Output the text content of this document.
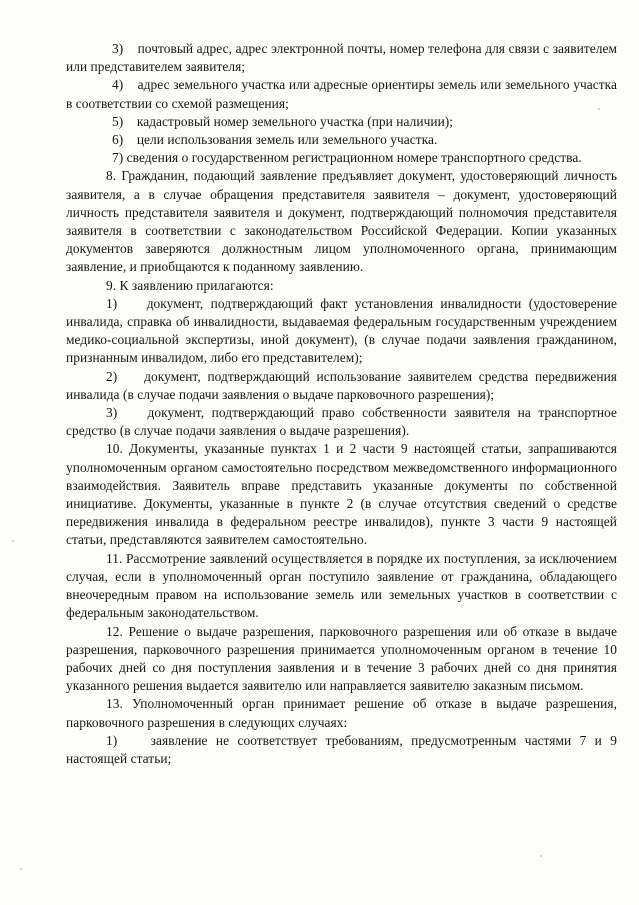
3)    почтовый адрес, адрес электронной почты, номер телефона для связи с заявителем или представителем заявителя;

4)    адрес земельного участка или адресные ориентиры земель или земельного участка в соответствии со схемой размещения;

5)    кадастровый номер земельного участка (при наличии);

6)    цели использования земель или земельного участка.

7) сведения о государственном регистрационном номере транспортного средства.

8. Гражданин, подающий заявление предъявляет документ, удостоверяющий личность заявителя, а в случае обращения представителя заявителя – документ, удостоверяющий личность представителя заявителя и документ, подтверждающий полномочия представителя заявителя в соответствии с законодательством Российской Федерации. Копии указанных документов заверяются должностным лицом уполномоченного органа, принимающим заявление, и приобщаются к поданному заявлению.

9. К заявлению прилагаются:

1)    документ, подтверждающий факт установления инвалидности (удостоверение инвалида, справка об инвалидности, выдаваемая федеральным государственным учреждением медико-социальной экспертизы, иной документ), (в случае подачи заявления гражданином, признанным инвалидом, либо его представителем);

2)    документ, подтверждающий использование заявителем средства передвижения инвалида (в случае подачи заявления о выдаче парковочного разрешения);

3)    документ, подтверждающий право собственности заявителя на транспортное средство (в случае подачи заявления о выдаче разрешения).

10. Документы, указанные пунктах 1 и 2 части 9 настоящей статьи, запрашиваются уполномоченным органом самостоятельно посредством межведомственного информационного взаимодействия. Заявитель вправе представить указанные документы по собственной инициативе. Документы, указанные в пункте 2 (в случае отсутствия сведений о средстве передвижения инвалида в федеральном реестре инвалидов), пункте 3 части 9 настоящей статьи, представляются заявителем самостоятельно.

11. Рассмотрение заявлений осуществляется в порядке их поступления, за исключением случая, если в уполномоченный орган поступило заявление от гражданина, обладающего внеочередным правом на использование земель или земельных участков в соответствии с федеральным законодательством.

12. Решение о выдаче разрешения, парковочного разрешения или об отказе в выдаче разрешения, парковочного разрешения принимается уполномоченным органом в течение 10 рабочих дней со дня поступления заявления и в течение 3 рабочих дней со дня принятия указанного решения выдается заявителю или направляется заявителю заказным письмом.

13. Уполномоченный орган принимает решение об отказе в выдаче разрешения, парковочного разрешения в следующих случаях:

1)    заявление не соответствует требованиям, предусмотренным частями 7 и 9 настоящей статьи;
